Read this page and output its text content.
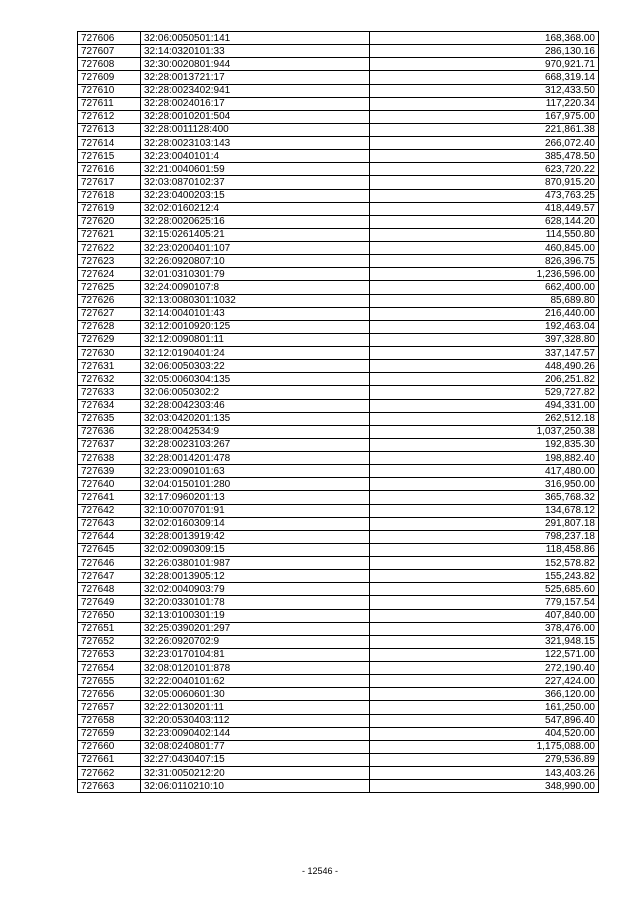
727606	32:06:0050501:141	168,368.00
727607	32:14:0320101:33	286,130.16
727608	32:30:0020801:944	970,921.71
727609	32:28:0013721:17	668,319.14
727610	32:28:0023402:941	312,433.50
727611	32:28:0024016:17	117,220.34
727612	32:28:0010201:504	167,975.00
727613	32:28:0011128:400	221,861.38
727614	32:28:0023103:143	266,072.40
727615	32:23:0040101:4	385,478.50
727616	32:21:0040601:59	623,720.22
727617	32:03:0870102:37	870,915.20
727618	32:23:0400203:15	473,763.25
727619	32:02:0160212:4	418,449.57
727620	32:28:0020625:16	628,144.20
727621	32:15:0261405:21	114,550.80
727622	32:23:0200401:107	460,845.00
727623	32:26:0920807:10	826,396.75
727624	32:01:0310301:79	1,236,596.00
727625	32:24:0090107:8	662,400.00
727626	32:13:0080301:1032	85,689.80
727627	32:14:0040101:43	216,440.00
727628	32:12:0010920:125	192,463.04
727629	32:12:0090801:11	397,328.80
727630	32:12:0190401:24	337,147.57
727631	32:06:0050303:22	448,490.26
727632	32:05:0060304:135	206,251.82
727633	32:06:0050302:2	529,727.82
727634	32:28:0042303:46	494,331.00
727635	32:03:0420201:135	262,512.18
727636	32:28:0042534:9	1,037,250.38
727637	32:28:0023103:267	192,835.30
727638	32:28:0014201:478	198,882.40
727639	32:23:0090101:63	417,480.00
727640	32:04:0150101:280	316,950.00
727641	32:17:0960201:13	365,768.32
727642	32:10:0070701:91	134,678.12
727643	32:02:0160309:14	291,807.18
727644	32:28:0013919:42	798,237.18
727645	32:02:0090309:15	118,458.86
727646	32:26:0380101:987	152,578.82
727647	32:28:0013905:12	155,243.82
727648	32:02:0040903:79	525,685.60
727649	32:20:0330101:78	779,157.54
727650	32:13:0100301:19	407,840.00
727651	32:25:0390201:297	378,476.00
727652	32:26:0920702:9	321,948.15
727653	32:23:0170104:81	122,571.00
727654	32:08:0120101:878	272,190.40
727655	32:22:0040101:62	227,424.00
727656	32:05:0060601:30	366,120.00
727657	32:22:0130201:11	161,250.00
727658	32:20:0530403:112	547,896.40
727659	32:23:0090402:144	404,520.00
727660	32:08:0240801:77	1,175,088.00
727661	32:27:0430407:15	279,536.89
727662	32:31:0050212:20	143,403.26
727663	32:06:0110210:10	348,990.00
- 12546 -
